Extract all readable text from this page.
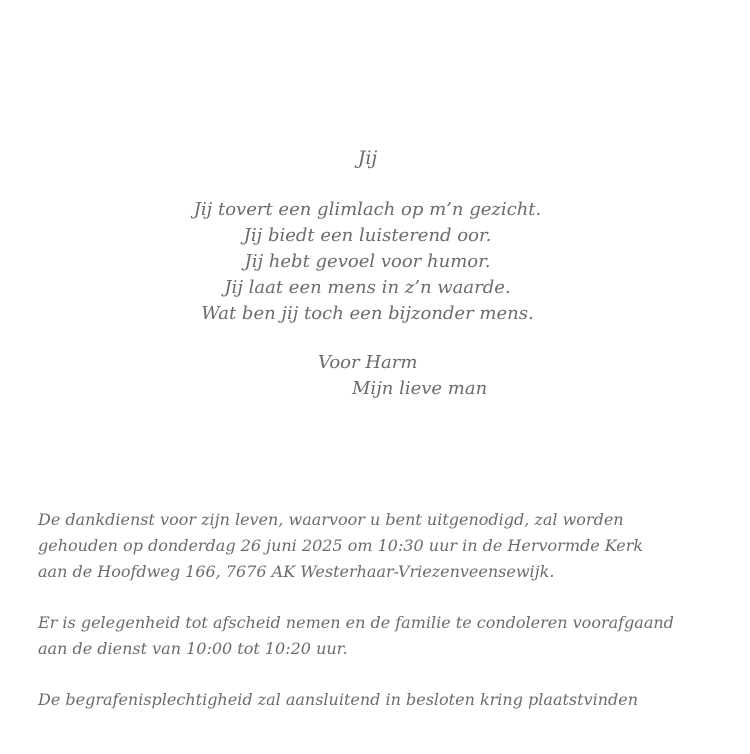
Jij
Jij tovert een glimlach op m’n gezicht.
Jij biedt een luisterend oor.
Jij hebt gevoel voor humor.
Jij laat een mens in z’n waarde.
Wat ben jij toch een bijzonder mens.
Voor Harm
Mijn lieve man
De dankdienst voor zijn leven, waarvoor u bent uitgenodigd, zal worden
gehouden op donderdag 26 juni 2025 om 10:30 uur in de Hervormde Kerk
aan de Hoofdweg 166, 7676 AK Westerhaar-Vriezenveensewijk.
Er is gelegenheid tot afscheid nemen en de familie te condoleren voorafgaand
aan de dienst van 10:00 tot 10:20 uur.
De begrafenisplechtigheid zal aansluitend in besloten kring plaatstvinden
